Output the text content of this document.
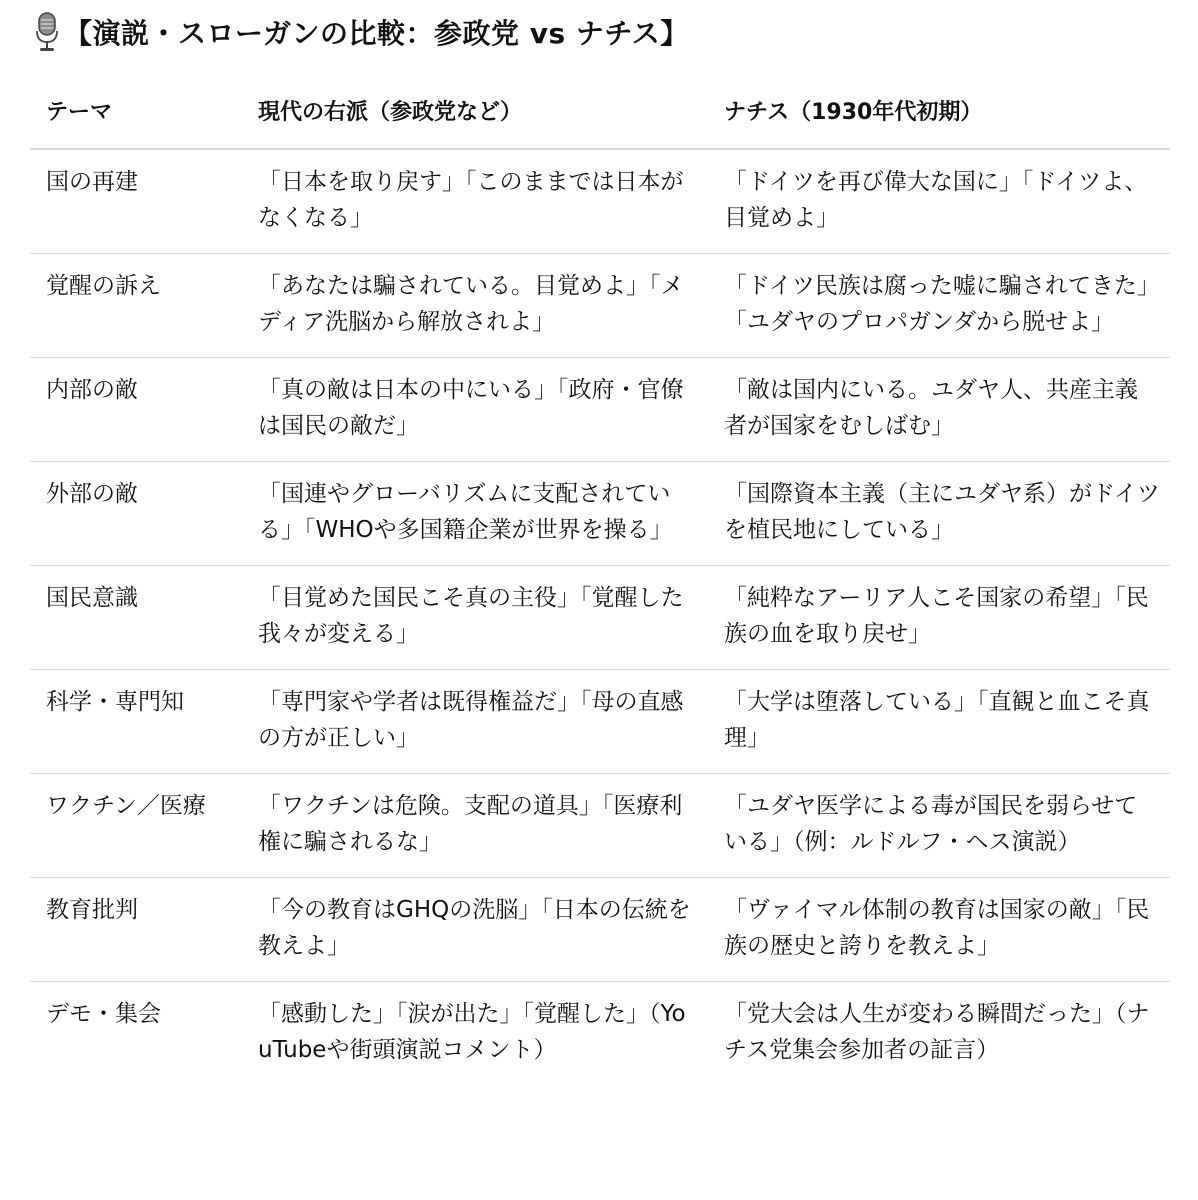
【演説・スローガンの比較：参政党 vs ナチス】
テーマ	現代の右派（参政党など）	ナチス（1930年代初期）
国の再建	「日本を取り戻す」「このままでは日本がなくなる」	「ドイツを再び偉大な国に」「ドイツよ、目覚めよ」
覚醒の訴え	「あなたは騙されている。目覚めよ」「メディア洗脳から解放されよ」	「ドイツ民族は腐った嘘に騙されてきた」「ユダヤのプロパガンダから脱せよ」
内部の敵	「真の敵は日本の中にいる」「政府・官僚は国民の敵だ」	「敵は国内にいる。ユダヤ人、共産主義者が国家をむしばむ」
外部の敵	「国連やグローバリズムに支配されている」「WHOや多国籍企業が世界を操る」	「国際資本主義（主にユダヤ系）がドイツを植民地にしている」
国民意識	「目覚めた国民こそ真の主役」「覚醒した我々が変える」	「純粋なアーリア人こそ国家の希望」「民族の血を取り戻せ」
科学・専門知	「専門家や学者は既得権益だ」「母の直感の方が正しい」	「大学は堕落している」「直観と血こそ真理」
ワクチン／医療	「ワクチンは危険。支配の道具」「医療利権に騙されるな」	「ユダヤ医学による毒が国民を弱らせている」（例：ルドルフ・ヘス演説）
教育批判	「今の教育はGHQの洗脳」「日本の伝統を教えよ」	「ヴァイマル体制の教育は国家の敵」「民族の歴史と誇りを教えよ」
デモ・集会	「感動した」「涙が出た」「覚醒した」（YouTubeや街頭演説コメント）	「党大会は人生が変わる瞬間だった」（ナチス党集会参加者の証言）
